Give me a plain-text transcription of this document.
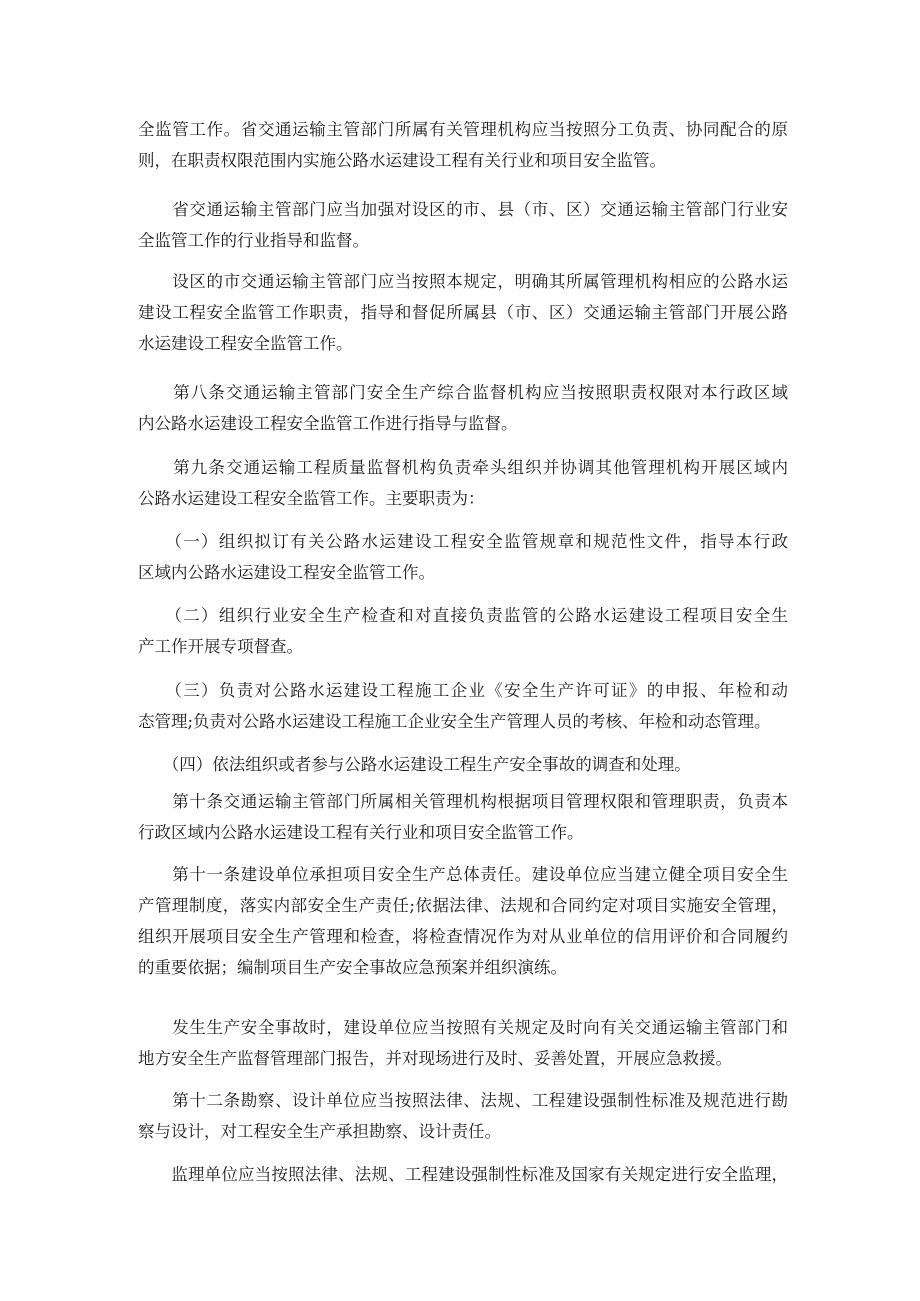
全监管工作。省交通运输主管部门所属有关管理机构应当按照分工负责、协同配合的原
则，在职责权限范围内实施公路水运建设工程有关行业和项目安全监管。

　　省交通运输主管部门应当加强对设区的市、县（市、区）交通运输主管部门行业安
全监管工作的行业指导和监督。

　　设区的市交通运输主管部门应当按照本规定，明确其所属管理机构相应的公路水运
建设工程安全监管工作职责，指导和督促所属县（市、区）交通运输主管部门开展公路
水运建设工程安全监管工作。

　　第八条交通运输主管部门安全生产综合监督机构应当按照职责权限对本行政区域
内公路水运建设工程安全监管工作进行指导与监督。

　　第九条交通运输工程质量监督机构负责牵头组织并协调其他管理机构开展区域内
公路水运建设工程安全监管工作。主要职责为：

　　（一）组织拟订有关公路水运建设工程安全监管规章和规范性文件，指导本行政
区域内公路水运建设工程安全监管工作。

　　（二）组织行业安全生产检查和对直接负责监管的公路水运建设工程项目安全生
产工作开展专项督查。

　　（三）负责对公路水运建设工程施工企业《安全生产许可证》的申报、年检和动
态管理;负责对公路水运建设工程施工企业安全生产管理人员的考核、年检和动态管理。

　　（四）依法组织或者参与公路水运建设工程生产安全事故的调查和处理。

　　第十条交通运输主管部门所属相关管理机构根据项目管理权限和管理职责，负责本
行政区域内公路水运建设工程有关行业和项目安全监管工作。

　　第十一条建设单位承担项目安全生产总体责任。建设单位应当建立健全项目安全生
产管理制度，落实内部安全生产责任;依据法律、法规和合同约定对项目实施安全管理，
组织开展项目安全生产管理和检查，将检查情况作为对从业单位的信用评价和合同履约
的重要依据；编制项目生产安全事故应急预案并组织演练。

　　发生生产安全事故时，建设单位应当按照有关规定及时向有关交通运输主管部门和
地方安全生产监督管理部门报告，并对现场进行及时、妥善处置，开展应急救援。

　　第十二条勘察、设计单位应当按照法律、法规、工程建设强制性标准及规范进行勘
察与设计，对工程安全生产承担勘察、设计责任。

　　监理单位应当按照法律、法规、工程建设强制性标准及国家有关规定进行安全监理，
